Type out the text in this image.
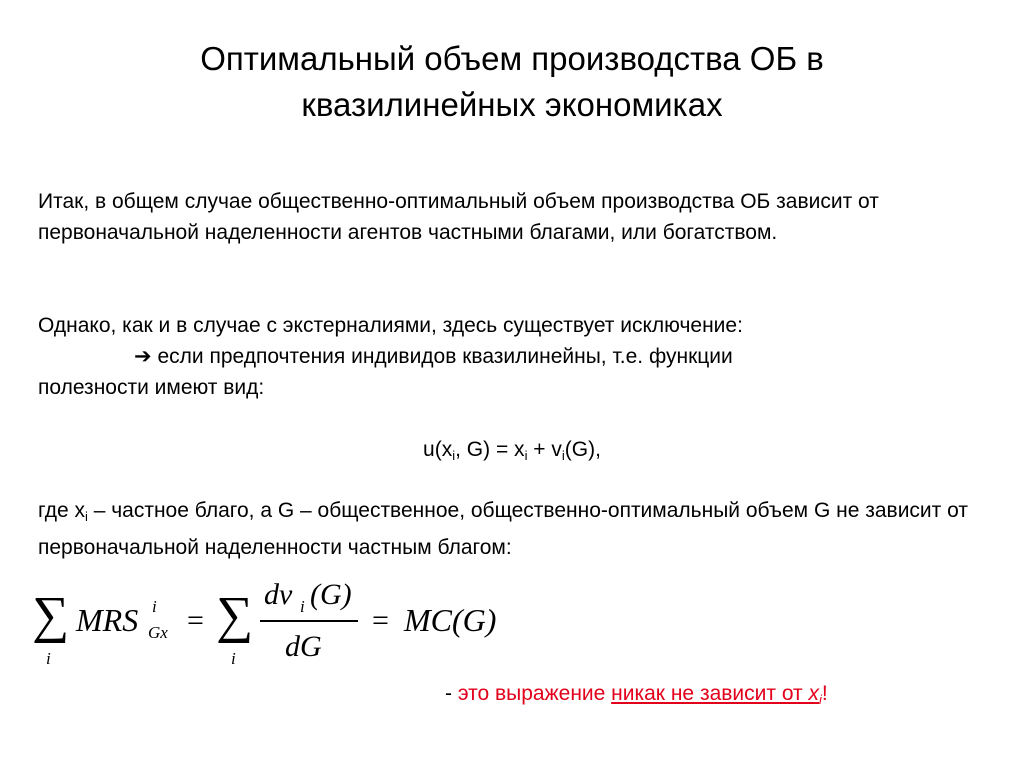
Оптимальный объем производства ОБ в
квазилинейных экономиках
Итак, в общем случае общественно-оптимальный объем производства ОБ зависит от первоначальной наделенности агентов частными благами, или богатством.
Однако, как и в случае с экстерналиями, здесь существует исключение:
➔ если предпочтения индивидов квазилинейны, т.е. функции
полезности имеют вид:
$u(x_i$, $G) = x_i + v_i(G)$,
где $x_i$ – частное благо, а G – общественное, общественно-оптимальный объем G не зависит от первоначальной наделенности частным благом:
∑
i
MRS i
Gx = ∑
i
dv i (G)
dG
= MC(G)
- это выражение никак не зависит от $x_i$!
